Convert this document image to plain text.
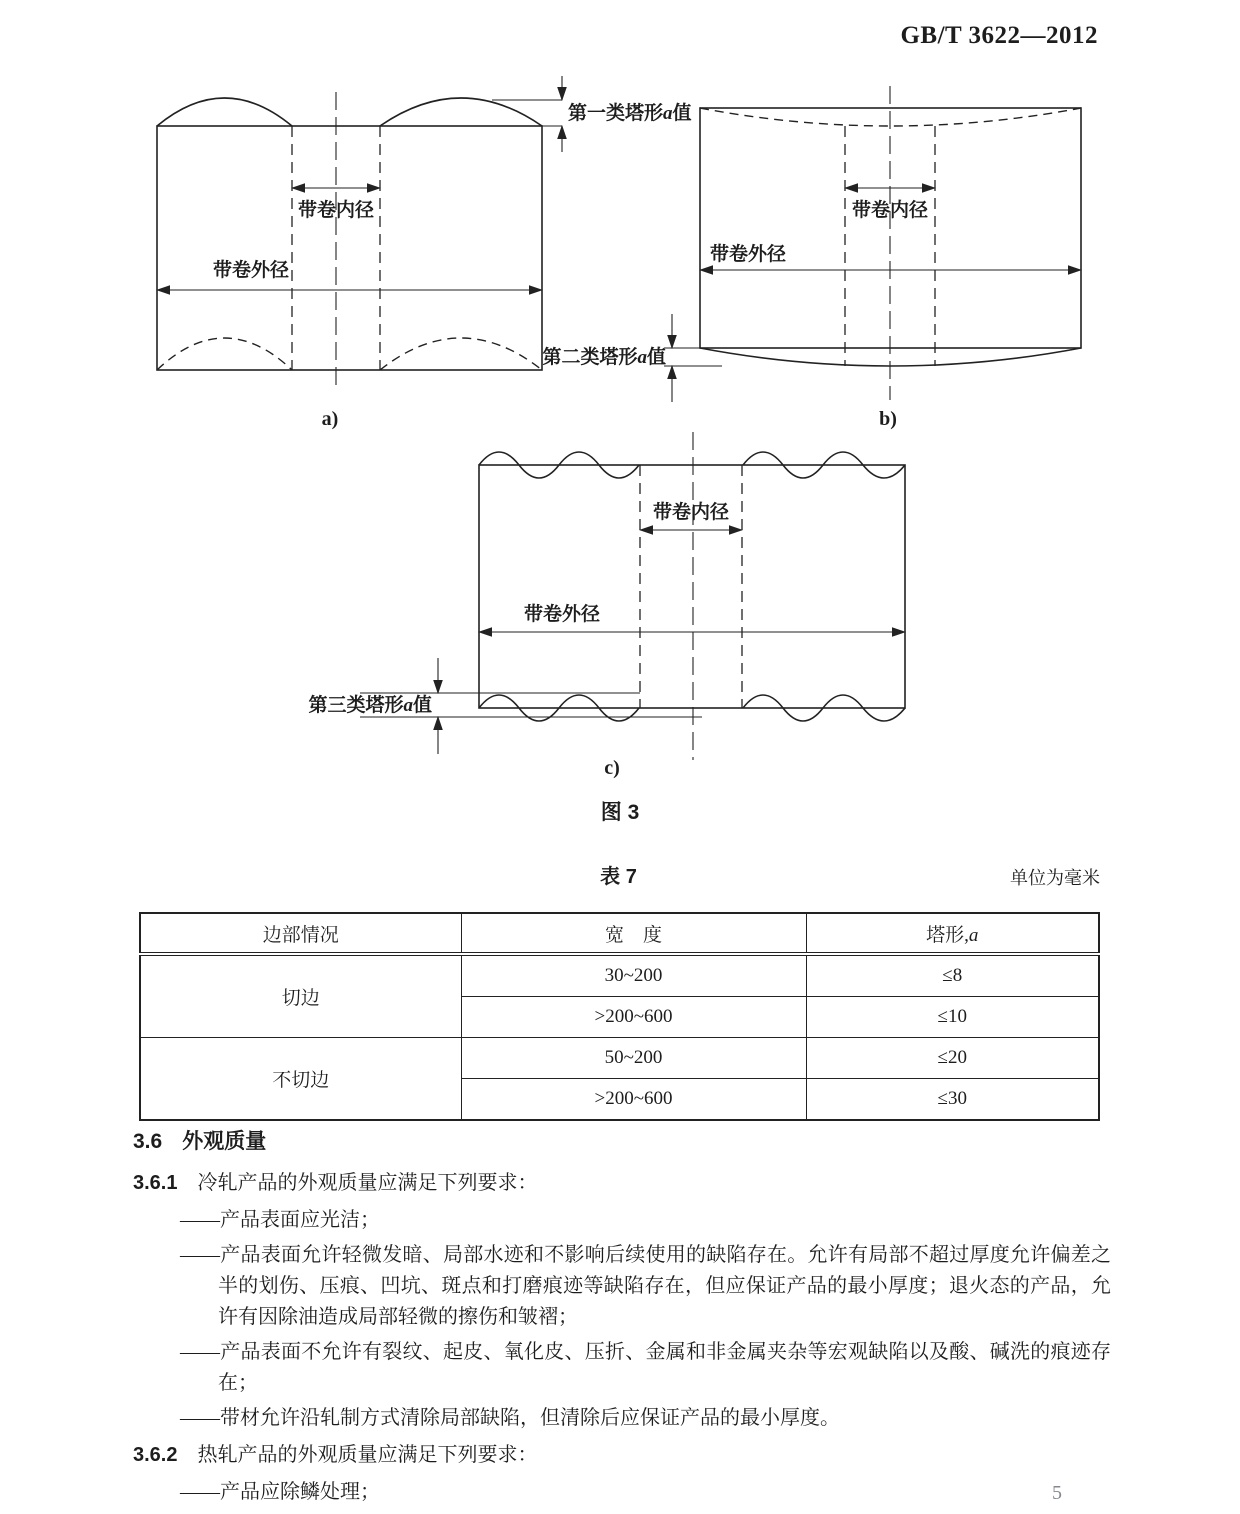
GB/T 3622—2012
带卷内径
带卷外径
第一类塔形a值
a)
带卷内径
带卷外径
第二类塔形a值
b)
带卷内径
带卷外径
第三类塔形a值
c)
图 3
表 7	单位为毫米
边部情况	宽　度	塔形,a
切边	30~200	≤8
	>200~600	≤10
不切边	50~200	≤20
	>200~600	≤30
3.6 外观质量
3.6.1 冷轧产品的外观质量应满足下列要求：
——产品表面应光洁；
——产品表面允许轻微发暗、局部水迹和不影响后续使用的缺陷存在。允许有局部不超过厚度允许偏差之半的划伤、压痕、凹坑、斑点和打磨痕迹等缺陷存在，但应保证产品的最小厚度；退火态的产品，允许有因除油造成局部轻微的擦伤和皱褶；
——产品表面不允许有裂纹、起皮、氧化皮、压折、金属和非金属夹杂等宏观缺陷以及酸、碱洗的痕迹存在；
——带材允许沿轧制方式清除局部缺陷，但清除后应保证产品的最小厚度。
3.6.2 热轧产品的外观质量应满足下列要求：
——产品应除鳞处理；	5
